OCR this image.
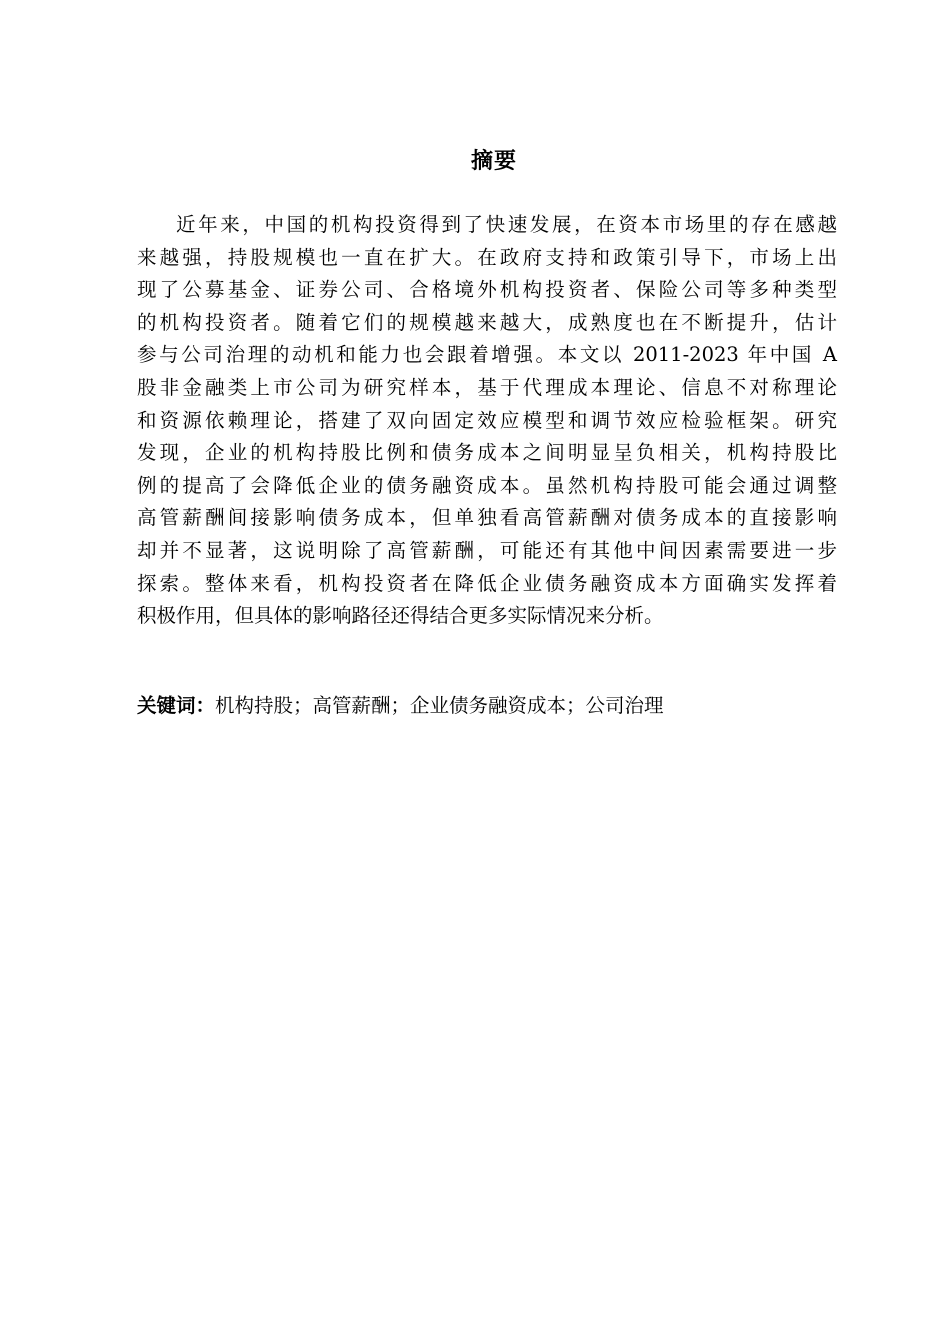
摘要
近年来，中国的机构投资得到了快速发展，在资本市场里的存在感越
来越强，持股规模也一直在扩大。在政府支持和政策引导下，市场上出
现了公募基金、证券公司、合格境外机构投资者、保险公司等多种类型
的机构投资者。随着它们的规模越来越大，成熟度也在不断提升，估计
参与公司治理的动机和能力也会跟着增强。本文以 2011-2023 年中国 A
股非金融类上市公司为研究样本，基于代理成本理论、信息不对称理论
和资源依赖理论，搭建了双向固定效应模型和调节效应检验框架。研究
发现，企业的机构持股比例和债务成本之间明显呈负相关，机构持股比
例的提高了会降低企业的债务融资成本。虽然机构持股可能会通过调整
高管薪酬间接影响债务成本，但单独看高管薪酬对债务成本的直接影响
却并不显著，这说明除了高管薪酬，可能还有其他中间因素需要进一步
探索。整体来看，机构投资者在降低企业债务融资成本方面确实发挥着
积极作用，但具体的影响路径还得结合更多实际情况来分析。
关键词：机构持股；高管薪酬；企业债务融资成本；公司治理
